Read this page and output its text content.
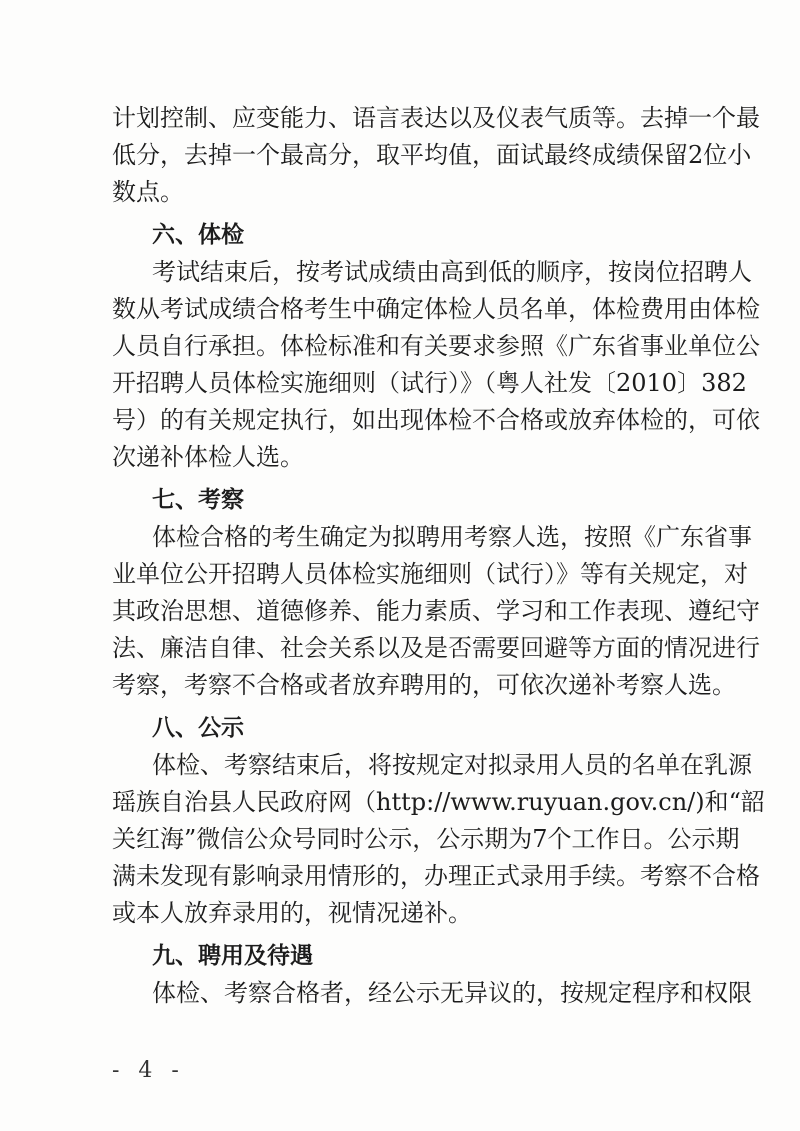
计划控制、应变能力、语言表达以及仪表气质等。去掉一个最
低分，去掉一个最高分，取平均值，面试最终成绩保留2位小
数点。
六、体检
考试结束后，按考试成绩由高到低的顺序，按岗位招聘人
数从考试成绩合格考生中确定体检人员名单，体检费用由体检
人员自行承担。体检标准和有关要求参照《广东省事业单位公
开招聘人员体检实施细则（试行）》（粤人社发〔2010〕382
号）的有关规定执行，如出现体检不合格或放弃体检的，可依
次递补体检人选。
七、考察
体检合格的考生确定为拟聘用考察人选，按照《广东省事
业单位公开招聘人员体检实施细则（试行）》等有关规定，对
其政治思想、道德修养、能力素质、学习和工作表现、遵纪守
法、廉洁自律、社会关系以及是否需要回避等方面的情况进行
考察，考察不合格或者放弃聘用的，可依次递补考察人选。
八、公示
体检、考察结束后，将按规定对拟录用人员的名单在乳源
瑶族自治县人民政府网（http://www.ruyuan.gov.cn/)和“韶
关红海”微信公众号同时公示，公示期为7个工作日。公示期
满未发现有影响录用情形的，办理正式录用手续。考察不合格
或本人放弃录用的，视情况递补。
九、聘用及待遇
体检、考察合格者，经公示无异议的，按规定程序和权限
- 4 -
